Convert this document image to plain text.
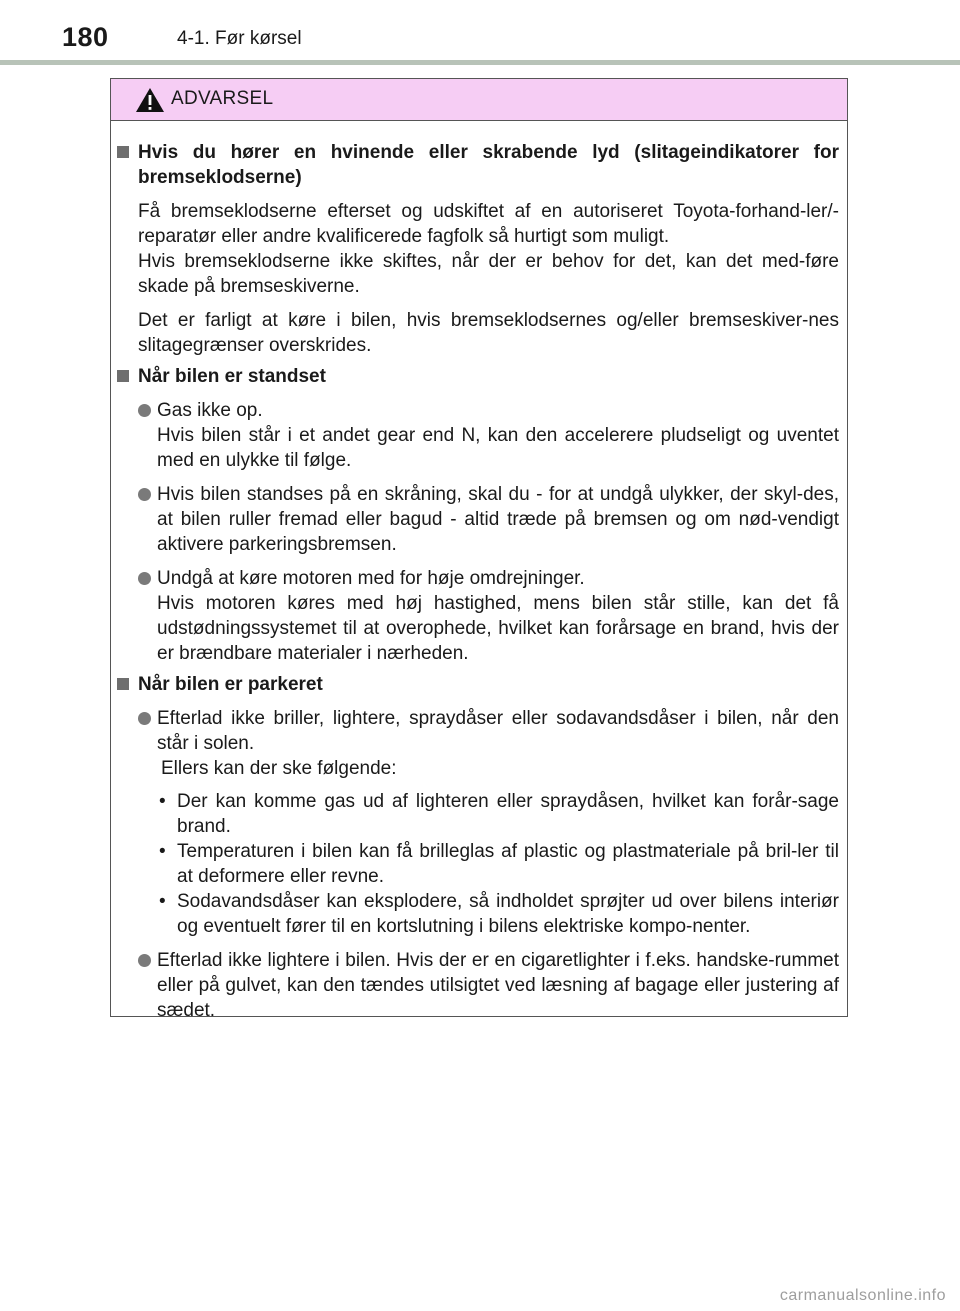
180	4-1. Før kørsel
ADVARSEL
Hvis du hører en hvinende eller skrabende lyd (slitageindikatorer for bremseklodserne)
Få bremseklodserne efterset og udskiftet af en autoriseret Toyota-forhand-ler/-reparatør eller andre kvalificerede fagfolk så hurtigt som muligt.
Hvis bremseklodserne ikke skiftes, når der er behov for det, kan det med-føre skade på bremseskiverne.
Det er farligt at køre i bilen, hvis bremseklodsernes og/eller bremseskiver-nes slitagegrænser overskrides.
Når bilen er standset
Gas ikke op.
Hvis bilen står i et andet gear end N, kan den accelerere pludseligt og uventet med en ulykke til følge.
Hvis bilen standses på en skråning, skal du - for at undgå ulykker, der skyl-des, at bilen ruller fremad eller bagud - altid træde på bremsen og om nød-vendigt aktivere parkeringsbremsen.
Undgå at køre motoren med for høje omdrejninger.
Hvis motoren køres med høj hastighed, mens bilen står stille, kan det få udstødningssystemet til at overophede, hvilket kan forårsage en brand, hvis der er brændbare materialer i nærheden.
Når bilen er parkeret
Efterlad ikke briller, lightere, spraydåser eller sodavandsdåser i bilen, når den står i solen.
Ellers kan der ske følgende:
• Der kan komme gas ud af lighteren eller spraydåsen, hvilket kan forår-sage brand.
• Temperaturen i bilen kan få brilleglas af plastic og plastmateriale på bril-ler til at deformere eller revne.
• Sodavandsdåser kan eksplodere, så indholdet sprøjter ud over bilens interiør og eventuelt fører til en kortslutning i bilens elektriske kompo-nenter.
Efterlad ikke lightere i bilen. Hvis der er en cigaretlighter i f.eks. handske-rummet eller på gulvet, kan den tændes utilsigtet ved læsning af bagage eller justering af sædet.
carmanualsonline.info
